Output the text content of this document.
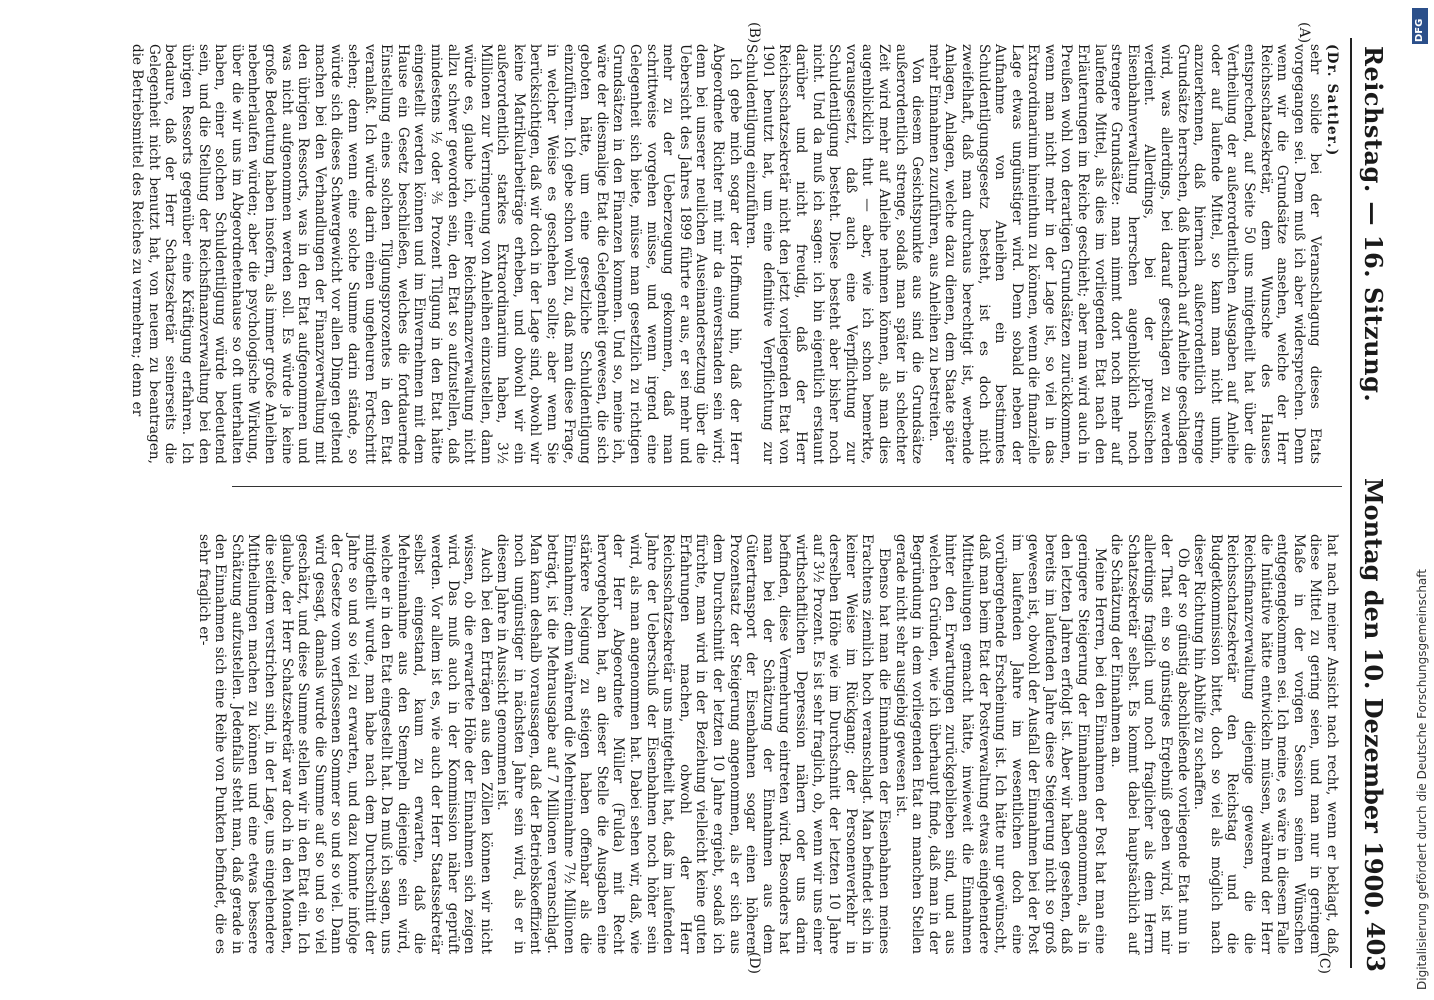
Reichstag. — 16. Sitzung.
Montag den 10. Dezember 1900.
403
(A)
(B)
(C)
(D)

(Dr. Sattler.)

sehr solide bei der Veranschlagung dieses Etats vorgegangen sei. Dem muß ich aber widersprechen. Denn wenn wir die Grundsätze ansehen, welche der Herr Reichsschatzsekretär, dem Wunsche des Hauses entsprechend, auf Seite 50 uns mitgetheilt hat über die Vertheilung der außerordentlichen Ausgaben auf Anleihe oder auf laufende Mittel, so kann man nicht umhin, anzuerkennen, daß hiernach außerordentlich strenge Grundsätze herrschen, daß hiernach auf Anleihe geschlagen wird, was allerdings, bei darauf geschlagen zu werden verdient. Allerdings, bei der preußischen Eisenbahnverwaltung herrschen augenblicklich noch strengere Grundsätze: man nimmt dort noch mehr auf laufende Mittel, als dies im vorliegenden Etat nach den Erläuterungen im Reiche geschieht; aber man wird auch in Preußen wohl von derartigen Grundsätzen zurückkommen, wenn man nicht mehr in der Lage ist, so viel in das Extraordinarium hineinthun zu können, wenn die finanzielle Lage etwas ungünstiger wird. Denn sobald neben der Aufnahme von Anleihen ein bestimmtes Schuldentilgungsgesetz besteht, ist es doch nicht zweifelhaft, daß man durchaus berechtigt ist, werbende Anlagen, Anlagen, welche dazu dienen, dem Staate später mehr Einnahmen zuzuführen, aus Anleihen zu bestreiten.

Von diesem Gesichtspunkte aus sind die Grundsätze außerordentlich strenge, sodaß man später in schlechter Zeit wird mehr auf Anleihe nehmen können, als man dies augenblicklich thut — aber, wie ich schon bemerkte, vorausgesetzt, daß auch eine Verpflichtung zur Schuldentilgung besteht. Diese besteht aber bisher noch nicht. Und da muß ich sagen: ich bin eigentlich erstaunt darüber und nicht freudig, daß der Herr Reichsschatzsekretär nicht den jetzt vorliegenden Etat von 1901 benutzt hat, um eine definitive Verpflichtung zur Schuldentilgung einzuführen.

Ich gebe mich sogar der Hoffnung hin, daß der Herr Abgeordnete Richter mit mir da einverstanden sein wird; denn bei unserer neulichen Auseinandersetzung über die Uebersicht des Jahres 1899 führte er aus, er sei mehr und mehr zu der Ueberzeugung gekommen, daß man schrittweise vorgehen müsse, und wenn irgend eine Gelegenheit sich biete, müsse man gesetzlich zu richtigen Grundsätzen in den Finanzen kommen. Und so, meine ich, wäre der diesmalige Etat die Gelegenheit gewesen, die sich geboten hätte, um eine gesetzliche Schuldentilgung einzuführen. Ich gebe schon wohl zu, daß man diese Frage, in welcher Weise es geschehen sollte; aber wenn Sie berücksichtigen, daß wir doch in der Lage sind, obwohl wir keine Matrikularbeiträge erheben, und obwohl wir ein außerordentlich starkes Extraordinarium haben, 3½ Millionen zur Verringerung von Anleihen einzustellen, dann würde es, glaube ich, einer Reichsfinanzverwaltung nicht allzu schwer geworden sein, den Etat so aufzustellen, daß mindestens ½ oder ⅗ Prozent Tilgung in den Etat hätte eingestellt werden können und im Einvernehmen mit dem Hause ein Gesetz beschließen, welches die fortdauernde Einstellung eines solchen Tilgungsprozentes in den Etat veranlaßt. Ich würde darin einen ungeheuren Fortschritt sehen; denn wenn eine solche Summe darin stände, so würde sich dieses Schwergewicht vor allen Dingen geltend machen bei den Verhandlungen der Finanzverwaltung mit den übrigen Ressorts, was in den Etat aufgenommen und was nicht aufgenommen werden soll. Es würde ja keine große Bedeutung haben insofern, als immer große Anleihen nebenherlaufen würden; aber die psychologische Wirkung, über die wir uns im Abgeordnetenhause so oft unterhalten haben, einer solchen Schuldentilgung würde bedeutend sein, und die Stellung der Reichsfinanzverwaltung bei den übrigen Ressorts gegenüber eine Kräftigung erfahren. Ich bedaure, daß der Herr Schatzsekretär seinerseits die Gelegenheit nicht benutzt hat, von neuem zu beantragen, die Betriebsmittel des Reiches zu vermehren; denn er

hat nach meiner Ansicht nach recht, wenn er beklagt, daß diese Mittel zu gering seien, und man nur in geringem Maße in der vorigen Session seinen Wünschen entgegengekommen sei. Ich meine, es wäre in diesem Falle die Initiative hätte entwickeln müssen, während der Herr Reichsfinanzverwaltung diejenige gewesen, die die Reichsschatzsekretär den Reichstag und die Budgetkommission bittet, doch so viel als möglich nach dieser Richtung hin Abhilfe zu schaffen.

Ob der so günstig abschließende vorliegende Etat nun in der That ein so günstiges Ergebniß geben wird, ist mir allerdings fraglich und noch fraglicher als dem Herrn Schatzsekretär selbst. Es kommt dabei hauptsächlich auf die Schätzung der Einnahmen an.

Meine Herren, bei den Einnahmen der Post hat man eine geringere Steigerung der Einnahmen angenommen, als in den letzten Jahren erfolgt ist. Aber wir haben gesehen, daß bereits im laufenden Jahre diese Steigerung nicht so groß gewesen ist, obwohl der Ausfall der Einnahmen bei der Post im laufenden Jahre im wesentlichen doch eine vorübergehende Erscheinung ist. Ich hätte nur gewünscht, daß man beim Etat der Postverwaltung etwas eingehendere Mittheilungen gemacht hätte, inwieweit die Einnahmen hinter den Erwartungen zurückgeblieben sind, und aus welchen Gründen, wie ich überhaupt finde, daß man in der Begründung in dem vorliegenden Etat an manchen Stellen gerade nicht sehr ausgiebig gewesen ist.

Ebenso hat man die Einnahmen der Eisenbahnen meines Erachtens ziemlich hoch veranschlagt. Man befindet sich in keiner Weise im Rückgang; der Personenverkehr in derselben Höhe wie im Durchschnitt der letzten 10 Jahre auf 3½ Prozent. Es ist sehr fraglich, ob, wenn wir uns einer wirthschaftlichen Depression nähern oder uns darin befinden, diese Vermehrung eintreten wird. Besonders hat man bei der Schätzung der Einnahmen aus dem Gütertransport der Eisenbahnen sogar einen höheren Prozentsatz der Steigerung angenommen, als er sich aus dem Durchschnitt der letzten 10 Jahre ergiebt, sodaß ich fürchte, man wird in der Beziehung vielleicht keine guten Erfahrungen machen, obwohl der Herr Reichsschatzsekretär uns mitgetheilt hat, daß im laufenden Jahre der Ueberschuß der Eisenbahnen noch höher sein wird, als man angenommen hat. Dabei sehen wir, daß, wie der Herr Abgeordnete Müller (Fulda) mit Recht hervorgehoben hat, an dieser Stelle die Ausgaben eine stärkere Neigung zu steigen haben offenbar als die Einnahmen; denn während die Mehreinnahme 7½ Millionen beträgt, ist die Mehrausgabe auf 7 Millionen veranschlagt. Man kann deshalb voraussagen, daß der Betriebskoeffizient noch ungünstiger in nächsten Jahre sein wird, als er in diesem Jahre in Aussicht genommen ist.

Auch bei den Erträgen aus den Zöllen können wir nicht wissen, ob die erwartete Höhe der Einnahmen sich zeigen wird. Das muß auch in der Kommission näher geprüft werden. Vor allem ist es, wie auch der Herr Staatssekretär selbst eingestand, kaum zu erwarten, daß die Mehreinnahme aus den Stempeln diejenige sein wird, welche er in den Etat eingestellt hat. Da muß ich sagen, uns mitgetheilt wurde, man habe nach dem Durchschnitt der Jahre so und so viel zu erwarten, und dazu konnte infolge der Gesetze vom verflossenen Sommer so und so viel. Dann wird gesagt, damals wurde die Summe auf so und so viel geschätzt, und diese Summe stellen wir in den Etat ein. Ich glaube, der Herr Schatzsekretär war doch in den Monaten, die seitdem verstrichen sind, in der Lage, uns eingehendere Mittheilungen machen zu können und eine etwas bessere Schätzung aufzustellen. Jedenfalls steht man, daß gerade in den Einnahmen sich eine Reihe von Punkten befindet, die es sehr fraglich er-

DFG
Digitalisierung gefördert durch die Deutsche Forschungsgemeinschaft
